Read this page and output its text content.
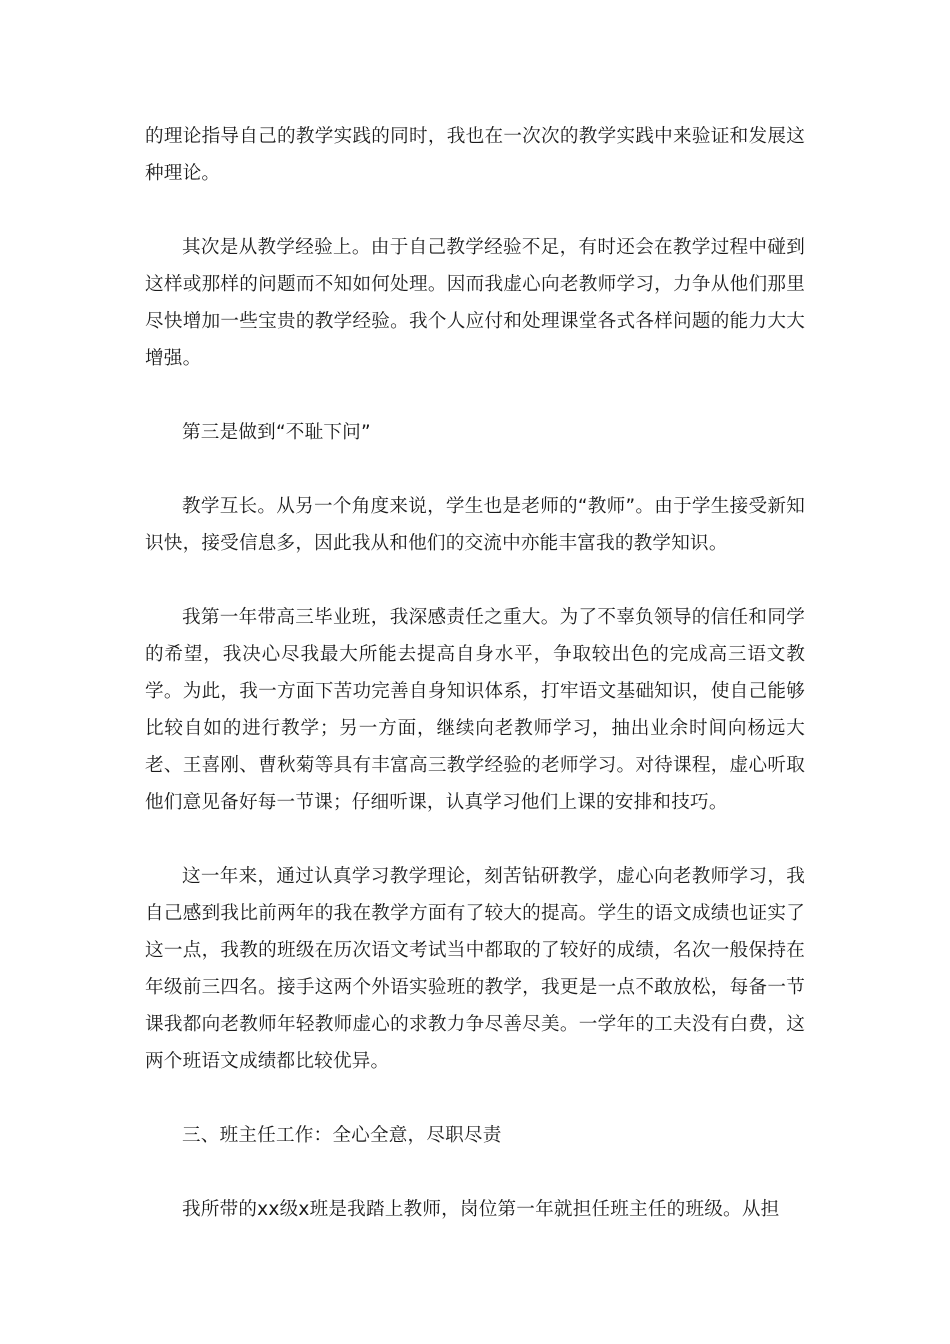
的理论指导自己的教学实践的同时，我也在一次次的教学实践中来验证和发展这种理论。

其次是从教学经验上。由于自己教学经验不足，有时还会在教学过程中碰到这样或那样的问题而不知如何处理。因而我虚心向老教师学习，力争从他们那里尽快增加一些宝贵的教学经验。我个人应付和处理课堂各式各样问题的能力大大增强。

第三是做到“不耻下问”

教学互长。从另一个角度来说，学生也是老师的“教师”。由于学生接受新知识快，接受信息多，因此我从和他们的交流中亦能丰富我的教学知识。

我第一年带高三毕业班，我深感责任之重大。为了不辜负领导的信任和同学的希望，我决心尽我最大所能去提高自身水平，争取较出色的完成高三语文教学。为此，我一方面下苦功完善自身知识体系，打牢语文基础知识，使自己能够比较自如的进行教学；另一方面，继续向老教师学习，抽出业余时间向杨远大老、王喜刚、曹秋菊等具有丰富高三教学经验的老师学习。对待课程，虚心听取他们意见备好每一节课；仔细听课，认真学习他们上课的安排和技巧。

这一年来，通过认真学习教学理论，刻苦钻研教学，虚心向老教师学习，我自己感到我比前两年的我在教学方面有了较大的提高。学生的语文成绩也证实了这一点，我教的班级在历次语文考试当中都取的了较好的成绩，名次一般保持在年级前三四名。接手这两个外语实验班的教学，我更是一点不敢放松，每备一节课我都向老教师年轻教师虚心的求教力争尽善尽美。一学年的工夫没有白费，这两个班语文成绩都比较优异。

三、班主任工作：全心全意，尽职尽责

我所带的xx级x班是我踏上教师，岗位第一年就担任班主任的班级。从担
